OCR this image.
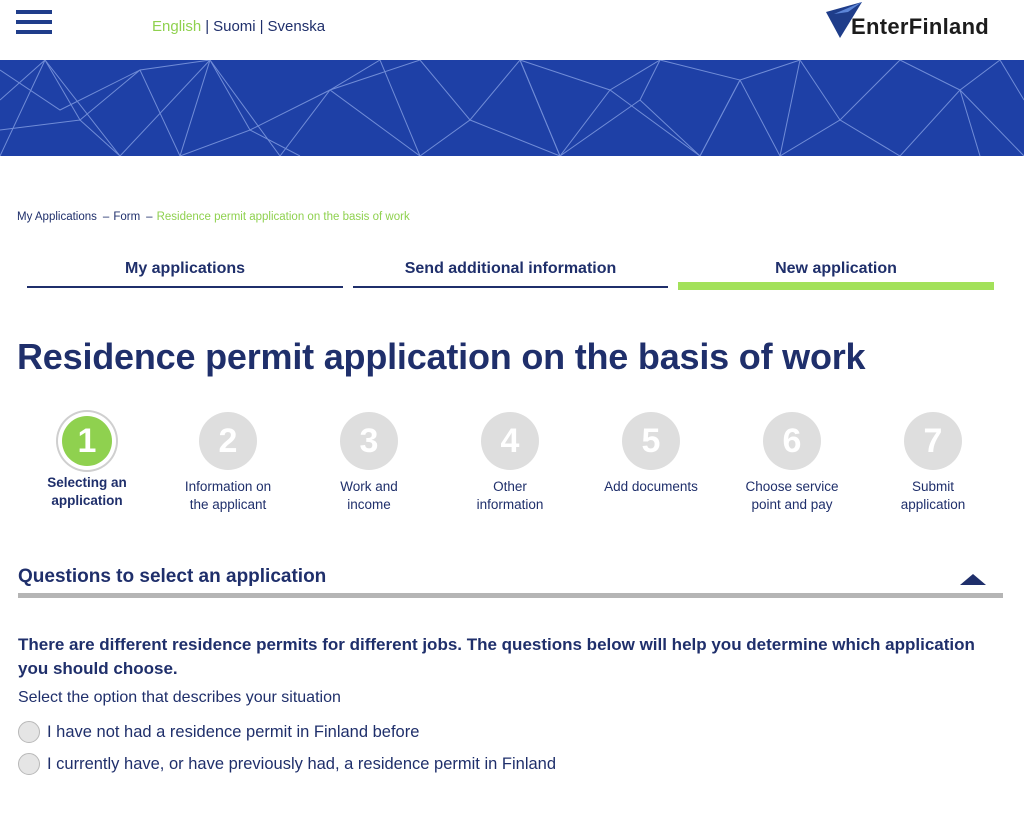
English | Suomi | Svenska	EnterFinland
My Applications – Form – Residence permit application on the basis of work
My applications	Send additional information	New application
Residence permit application on the basis of work
1
Selecting an
application
2
Information on
the applicant
3
Work and
income
4
Other
information
5
Add documents
6
Choose service
point and pay
7
Submit
application
Questions to select an application

There are different residence permits for different jobs. The questions below will help you determine which application you should choose.

Select the option that describes your situation

I have not had a residence permit in Finland before
I currently have, or have previously had, a residence permit in Finland
